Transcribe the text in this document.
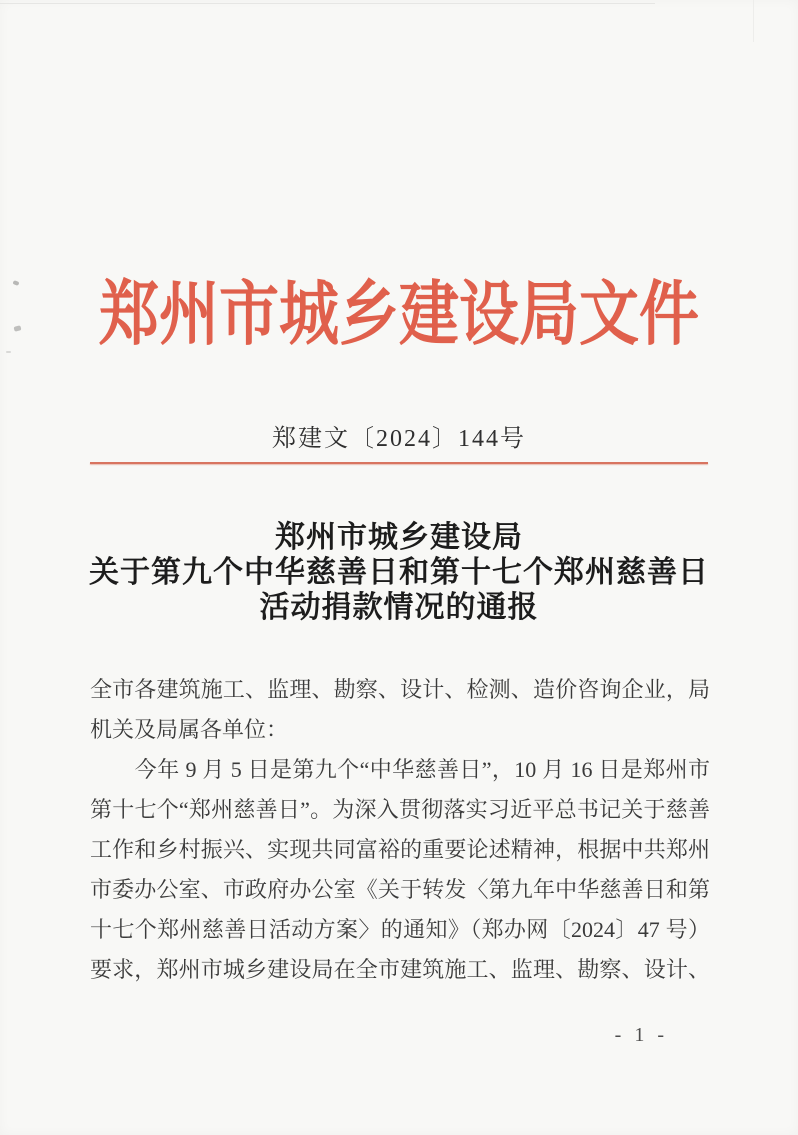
郑州市城乡建设局文件
郑建文〔2024〕144号
郑州市城乡建设局
关于第九个中华慈善日和第十七个郑州慈善日
活动捐款情况的通报
全市各建筑施工、监理、勘察、设计、检测、造价咨询企业，局
机关及局属各单位：
　　今年 9 月 5 日是第九个“中华慈善日”，10 月 16 日是郑州市
第十七个“郑州慈善日”。为深入贯彻落实习近平总书记关于慈善
工作和乡村振兴、实现共同富裕的重要论述精神，根据中共郑州
市委办公室、市政府办公室《关于转发〈第九年中华慈善日和第
十七个郑州慈善日活动方案〉的通知》（郑办网〔2024〕47 号）
要求，郑州市城乡建设局在全市建筑施工、监理、勘察、设计、
- 1 -
